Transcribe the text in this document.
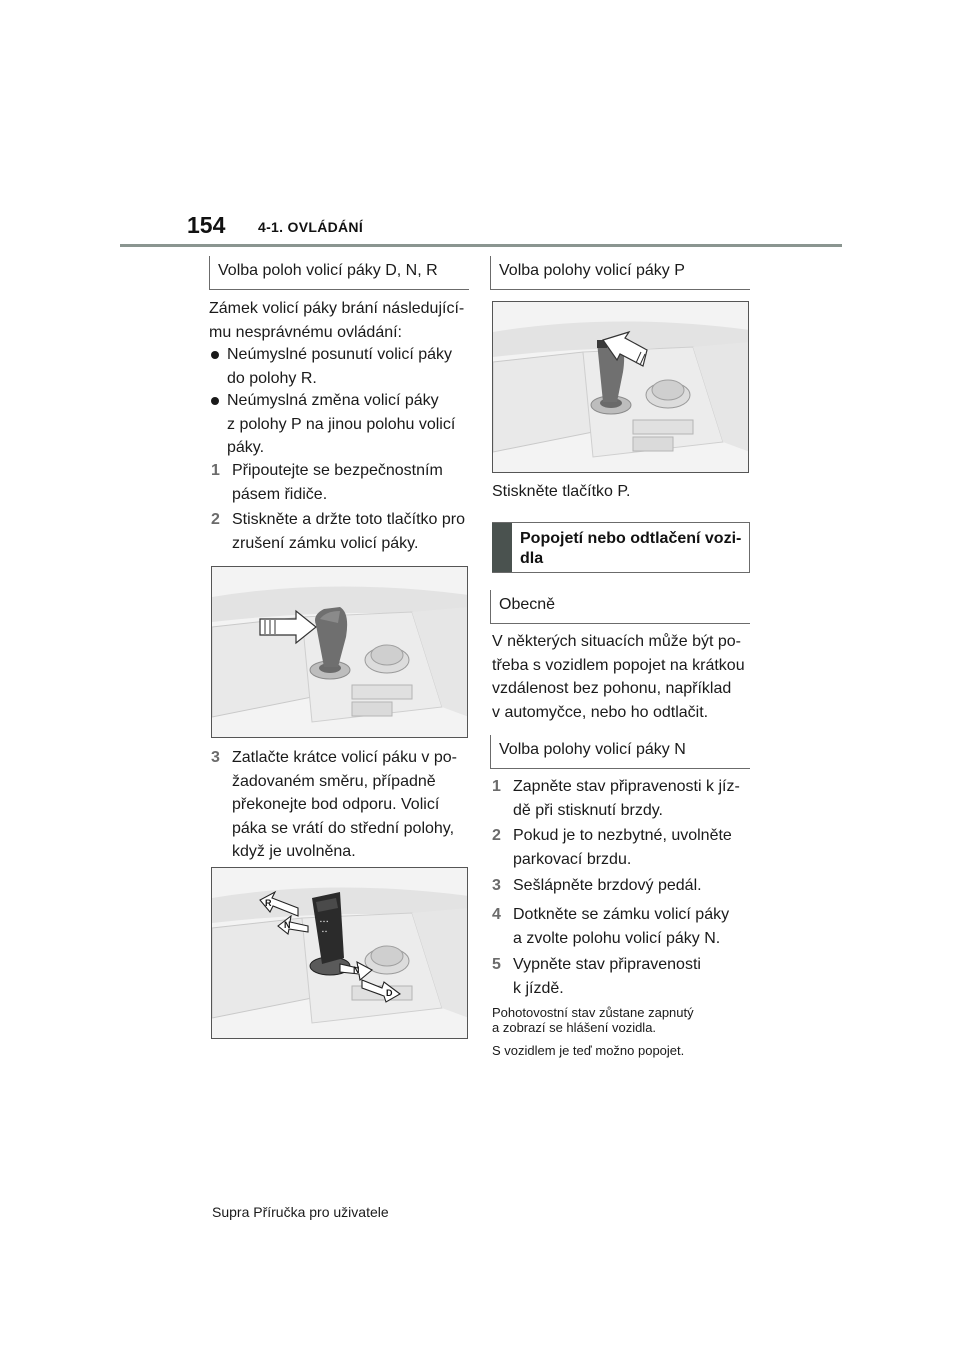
154 4-1. OVLÁDÁNÍ
Volba poloh volicí páky D, N, R
Zámek volicí páky brání následující-
mu nesprávnému ovládání:
Neúmyslné posunutí volicí páky
do polohy R.
Neúmyslná změna volicí páky
z polohy P na jinou polohu volicí
páky.
1 Připoutejte se bezpečnostním
pásem řidiče.
2 Stiskněte a držte toto tlačítko pro
zrušení zámku volicí páky.
3 Zatlačte krátce volicí páku v po-
žadovaném směru, případně
překonejte bod odporu. Volicí
páka se vrátí do střední polohy,
když je uvolněna.
▪ ▪ ▪
▪ ▪
R
N
N
D
Volba polohy volicí páky P
Stiskněte tlačítko P.
Popojetí nebo odtlačení vozi-
dla
Obecně
V některých situacích může být po-
třeba s vozidlem popojet na krátkou
vzdálenost bez pohonu, například
v automyčce, nebo ho odtlačit.
Volba polohy volicí páky N
1 Zapněte stav připravenosti k jíz-
dě při stisknutí brzdy.
2 Pokud je to nezbytné, uvolněte
parkovací brzdu.
3 Sešlápněte brzdový pedál.
4 Dotkněte se zámku volicí páky
a zvolte polohu volicí páky N.
5 Vypněte stav připravenosti
k jízdě.
Pohotovostní stav zůstane zapnutý
a zobrazí se hlášení vozidla.
S vozidlem je teď možno popojet.
Supra Příručka pro uživatele
